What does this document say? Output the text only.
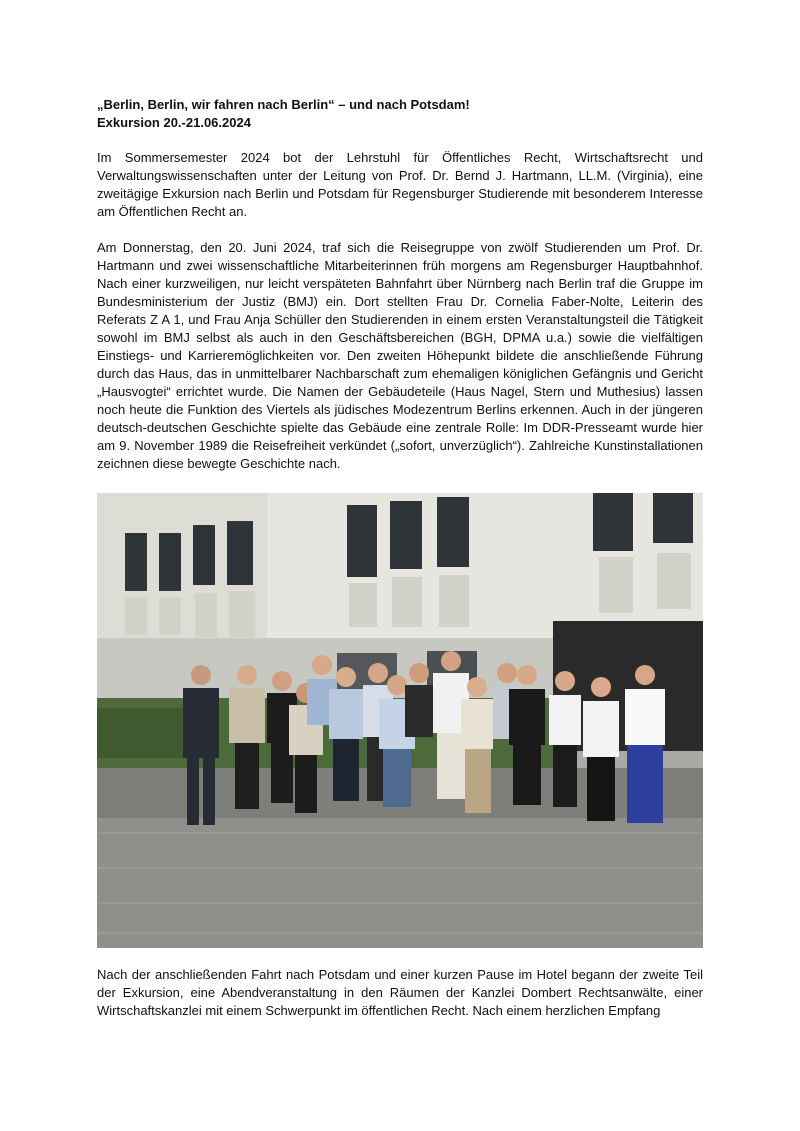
„Berlin, Berlin, wir fahren nach Berlin“ – und nach Potsdam!
Exkursion 20.-21.06.2024

Im Sommersemester 2024 bot der Lehrstuhl für Öffentliches Recht, Wirtschaftsrecht und Verwaltungswissenschaften unter der Leitung von Prof. Dr. Bernd J. Hartmann, LL.M. (Virginia), eine zweitägige Exkursion nach Berlin und Potsdam für Regensburger Studierende mit besonderem Interesse am Öffentlichen Recht an.

Am Donnerstag, den 20. Juni 2024, traf sich die Reisegruppe von zwölf Studierenden um Prof. Dr. Hartmann und zwei wissenschaftliche Mitarbeiterinnen früh morgens am Regensburger Hauptbahnhof. Nach einer kurzweiligen, nur leicht verspäteten Bahnfahrt über Nürnberg nach Berlin traf die Gruppe im Bundesministerium der Justiz (BMJ) ein. Dort stellten Frau Dr. Cornelia Faber-Nolte, Leiterin des Referats Z A 1, und Frau Anja Schüller den Studierenden in einem ersten Veranstaltungsteil die Tätigkeit sowohl im BMJ selbst als auch in den Geschäftsbereichen (BGH, DPMA u.a.) sowie die vielfältigen Einstiegs- und Karrieremöglichkeiten vor. Den zweiten Höhepunkt bildete die anschließende Führung durch das Haus, das in unmittelbarer Nachbarschaft zum ehemaligen königlichen Gefängnis und Gericht „Hausvogtei“ errichtet wurde. Die Namen der Gebäudeteile (Haus Nagel, Stern und Muthesius) lassen noch heute die Funktion des Viertels als jüdisches Modezentrum Berlins erkennen. Auch in der jüngeren deutsch-deutschen Geschichte spielte das Gebäude eine zentrale Rolle: Im DDR-Presseamt wurde hier am 9. November 1989 die Reisefreiheit verkündet („sofort, unverzüglich“). Zahlreiche Kunstinstallationen zeichnen diese bewegte Geschichte nach.

Nach der anschließenden Fahrt nach Potsdam und einer kurzen Pause im Hotel begann der zweite Teil der Exkursion, eine Abendveranstaltung in den Räumen der Kanzlei Dombert Rechtsanwälte, einer Wirtschaftskanzlei mit einem Schwerpunkt im öffentlichen Recht. Nach einem herzlichen Empfang
